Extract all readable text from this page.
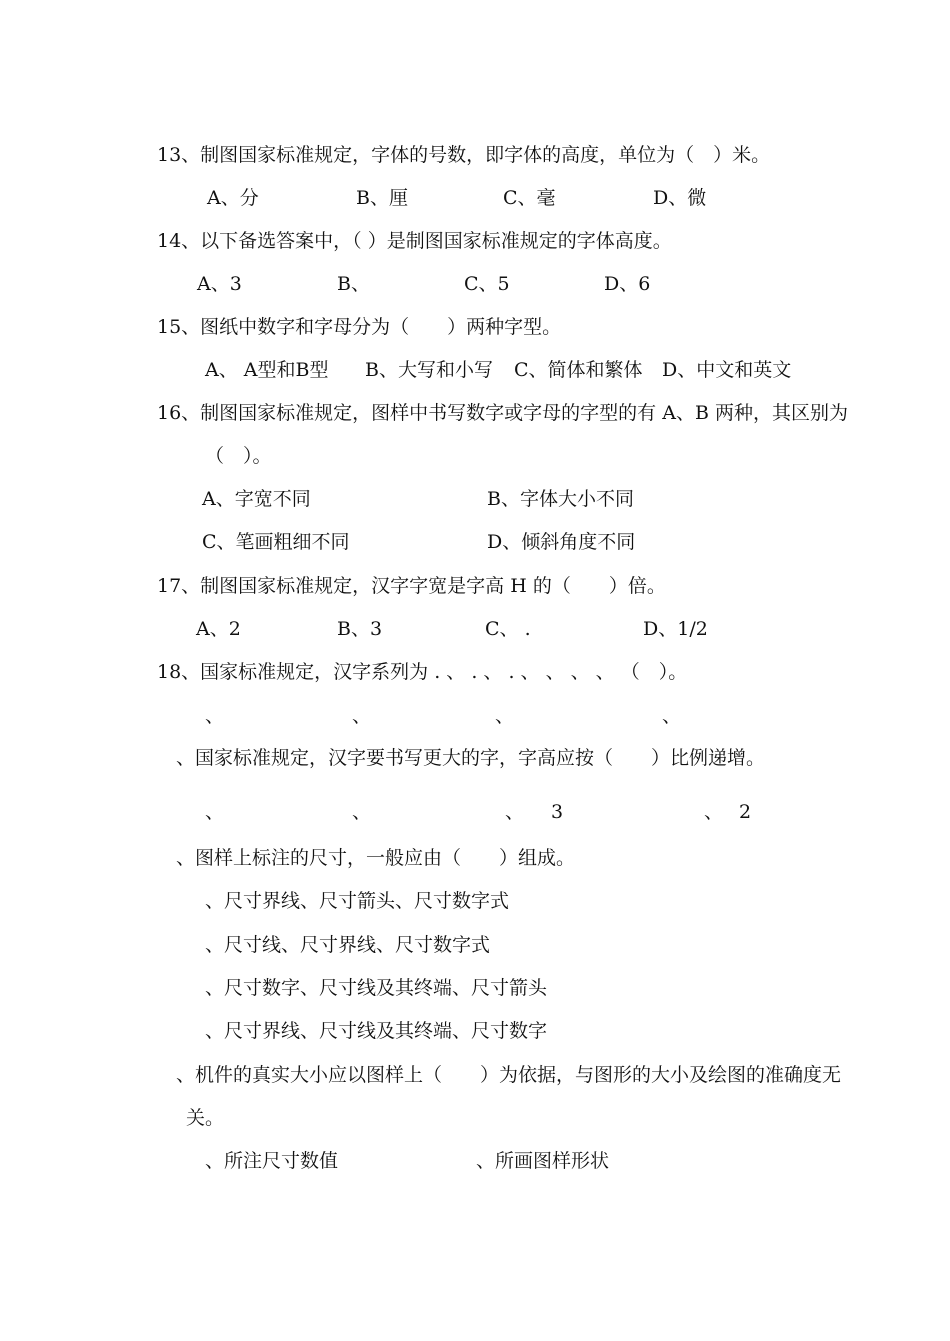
13、制图国家标准规定，字体的号数，即字体的高度，单位为（　）米。
A、分	B、厘	C、毫	D、微
14、以下备选答案中，（ ）是制图国家标准规定的字体高度。
A、3	B、	C、5	D、6
15、图纸中数字和字母分为（　　）两种字型。
A、 A型和B型 B、大写和小写 C、简体和繁体 D、中文和英文
16、制图国家标准规定，图样中书写数字或字母的字型的有 A、B 两种，其区别为
（　）。
A、字宽不同	B、字体大小不同
C、笔画粗细不同	D、倾斜角度不同
17、制图国家标准规定，汉字字宽是字高 H 的（　　）倍。
A、2	B、3	C、 .	D、1/2
18、国家标准规定，汉字系列为 . 、 . 、 . 、 、 、 、 （　）。
、	、	、	、
、国家标准规定，汉字要书写更大的字，字高应按（　　）比例递增。
、	、	、 3	、 2
、图样上标注的尺寸，一般应由（　　）组成。
、尺寸界线、尺寸箭头、尺寸数字式
、尺寸线、尺寸界线、尺寸数字式
、尺寸数字、尺寸线及其终端、尺寸箭头
、尺寸界线、尺寸线及其终端、尺寸数字
、机件的真实大小应以图样上（　　）为依据，与图形的大小及绘图的准确度无
关。
、所注尺寸数值	、所画图样形状
